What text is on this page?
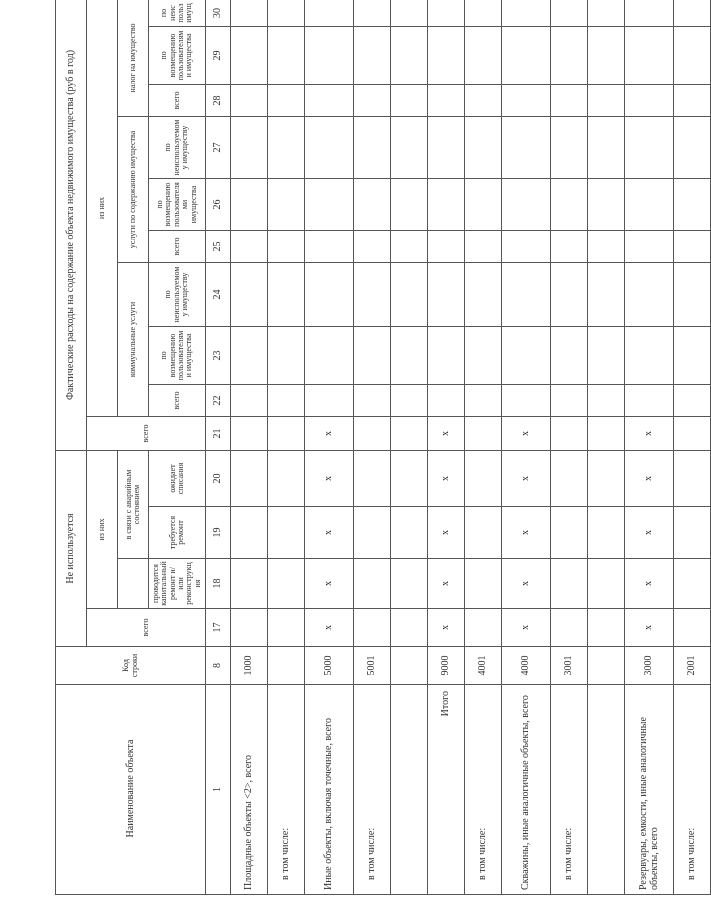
Наименование объекта	Код строки	Не используется				Фактические расходы на содержание объекта недвижимого имущества (руб в год)									
		всего	из них			всего	из них								
				в связи с аварийным состоянием			коммунальные услуги			услуги по содержанию имущества			налог на имущество		
			проводится капитальный ремонт и/или реконструкция	требуется ремонт	ожидает списания		всего	по возмещению пользователями имущества	по неиспользуемому имуществу	всего	по возмещению пользователями имущества	по неиспользуемому имуществу	всего	по возмещению пользователями имущества	по неис польз имущ
1	8	17	18	19	20	21	22	23	24	25	26	27	28	29	30
Площадные объекты <2>, всего	1000														
в том числе:															
Иные объекты, включая точечные, всего	5000	x	x	x	x	x									
в том числе:	5001														

Итого	9000	x	x	x	x	x									
в том числе:	4001														
Скважины, иные аналогичные объекты, всего	4000	x	x	x	x	x									
в том числе:	3001														

Резервуары, емкости, иные аналогичные объекты, всего	3000	x	x	x	x	x									
в том числе:	2001														
